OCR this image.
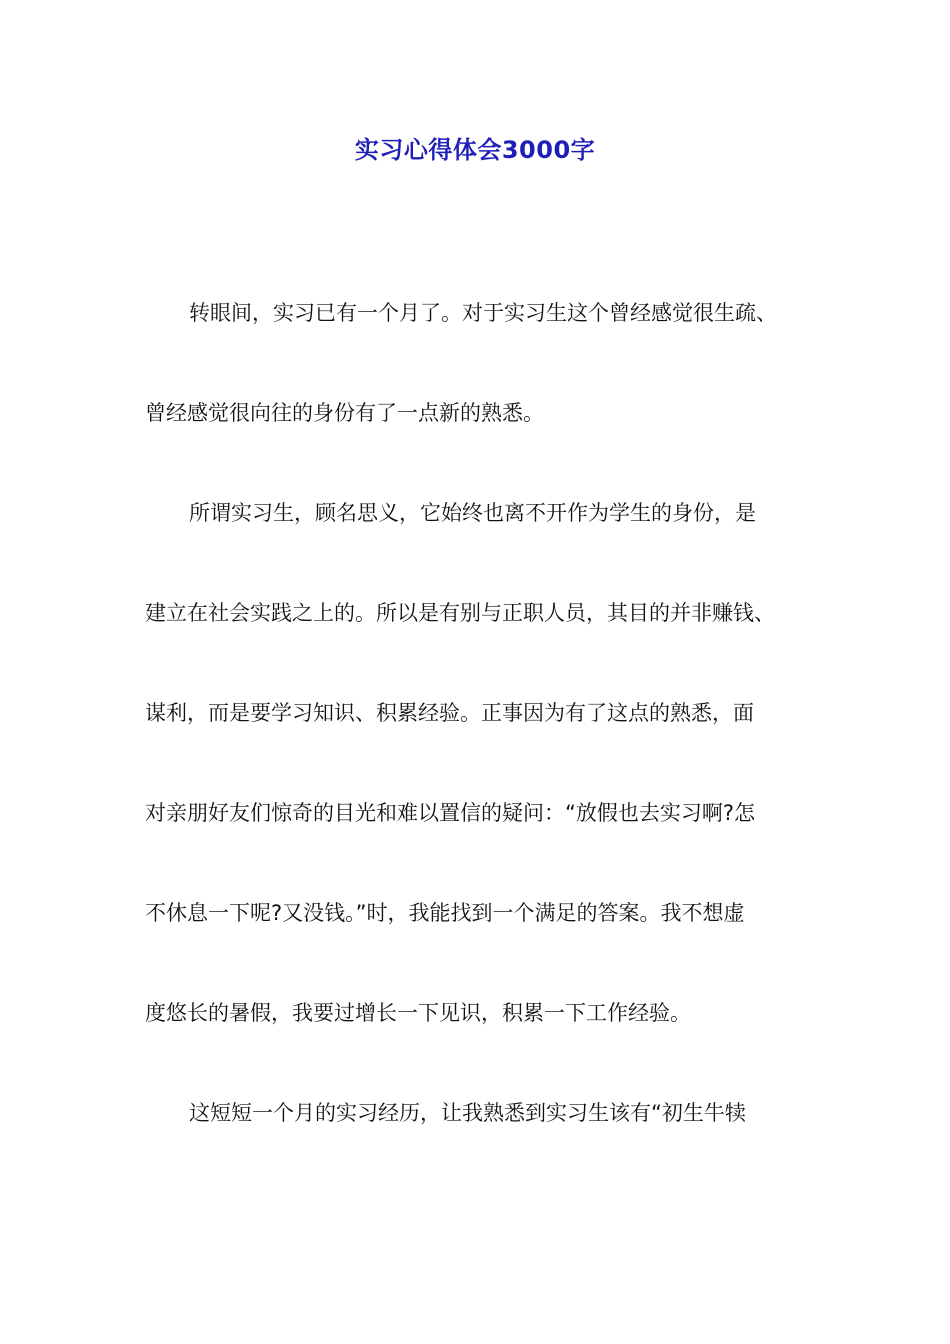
实习心得体会3000字
转眼间，实习已有一个月了。对于实习生这个曾经感觉很生疏、
曾经感觉很向往的身份有了一点新的熟悉。
所谓实习生，顾名思义，它始终也离不开作为学生的身份，是
建立在社会实践之上的。所以是有别与正职人员，其目的并非赚钱、
谋利，而是要学习知识、积累经验。正事因为有了这点的熟悉，面
对亲朋好友们惊奇的目光和难以置信的疑问：“放假也去实习啊?怎
不休息一下呢?又没钱。”时，我能找到一个满足的答案。我不想虚
度悠长的暑假，我要过增长一下见识，积累一下工作经验。
这短短一个月的实习经历，让我熟悉到实习生该有“初生牛犊
